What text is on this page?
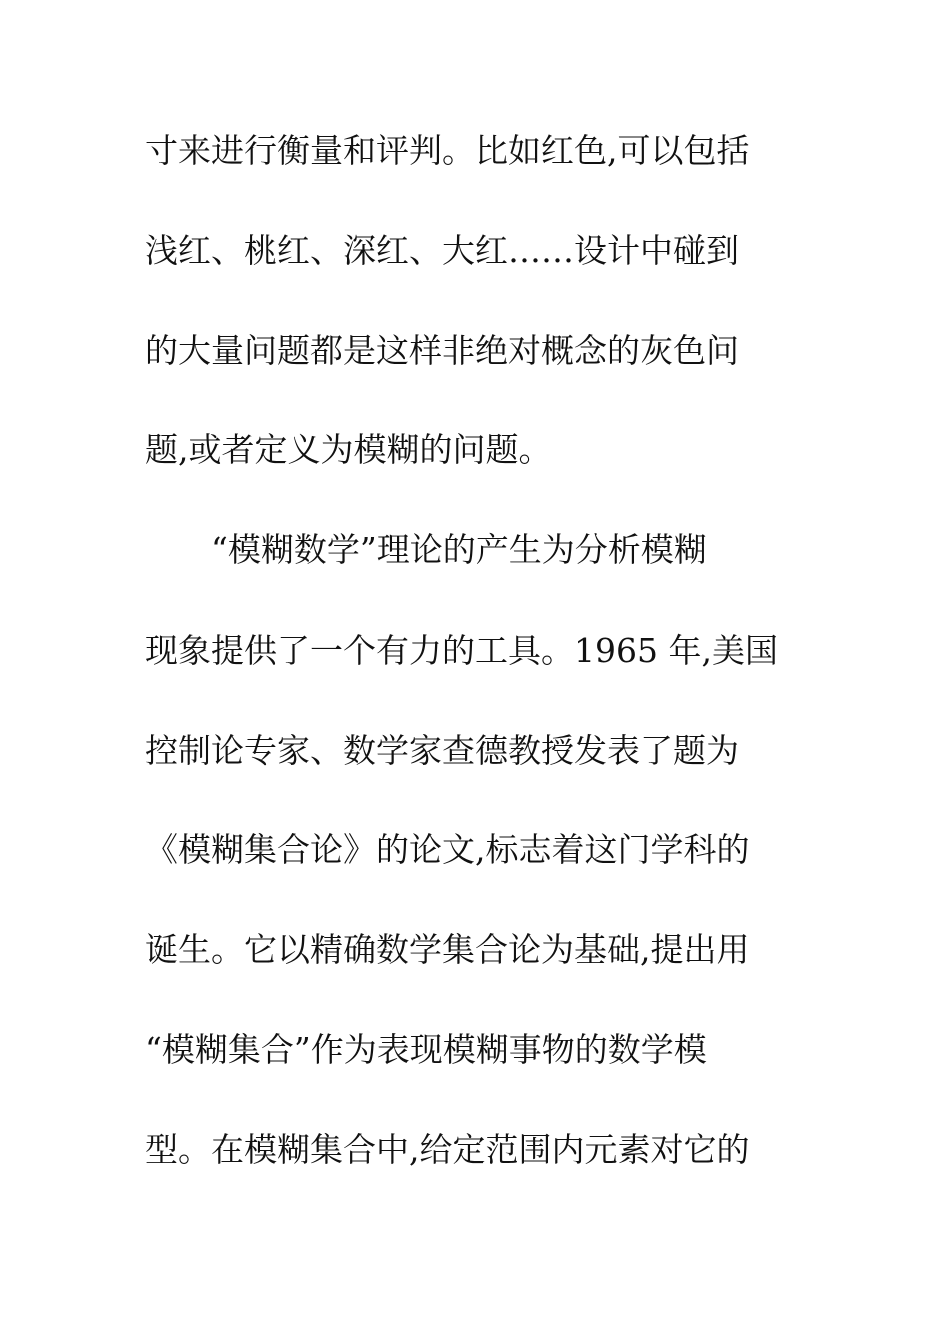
寸来进行衡量和评判。比如红色,可以包括
浅红、桃红、深红、大红……设计中碰到
的大量问题都是这样非绝对概念的灰色问
题,或者定义为模糊的问题。
“模糊数学”理论的产生为分析模糊
现象提供了一个有力的工具。1965 年,美国
控制论专家、数学家查德教授发表了题为
《模糊集合论》的论文,标志着这门学科的
诞生。它以精确数学集合论为基础,提出用
“模糊集合”作为表现模糊事物的数学模
型。在模糊集合中,给定范围内元素对它的
